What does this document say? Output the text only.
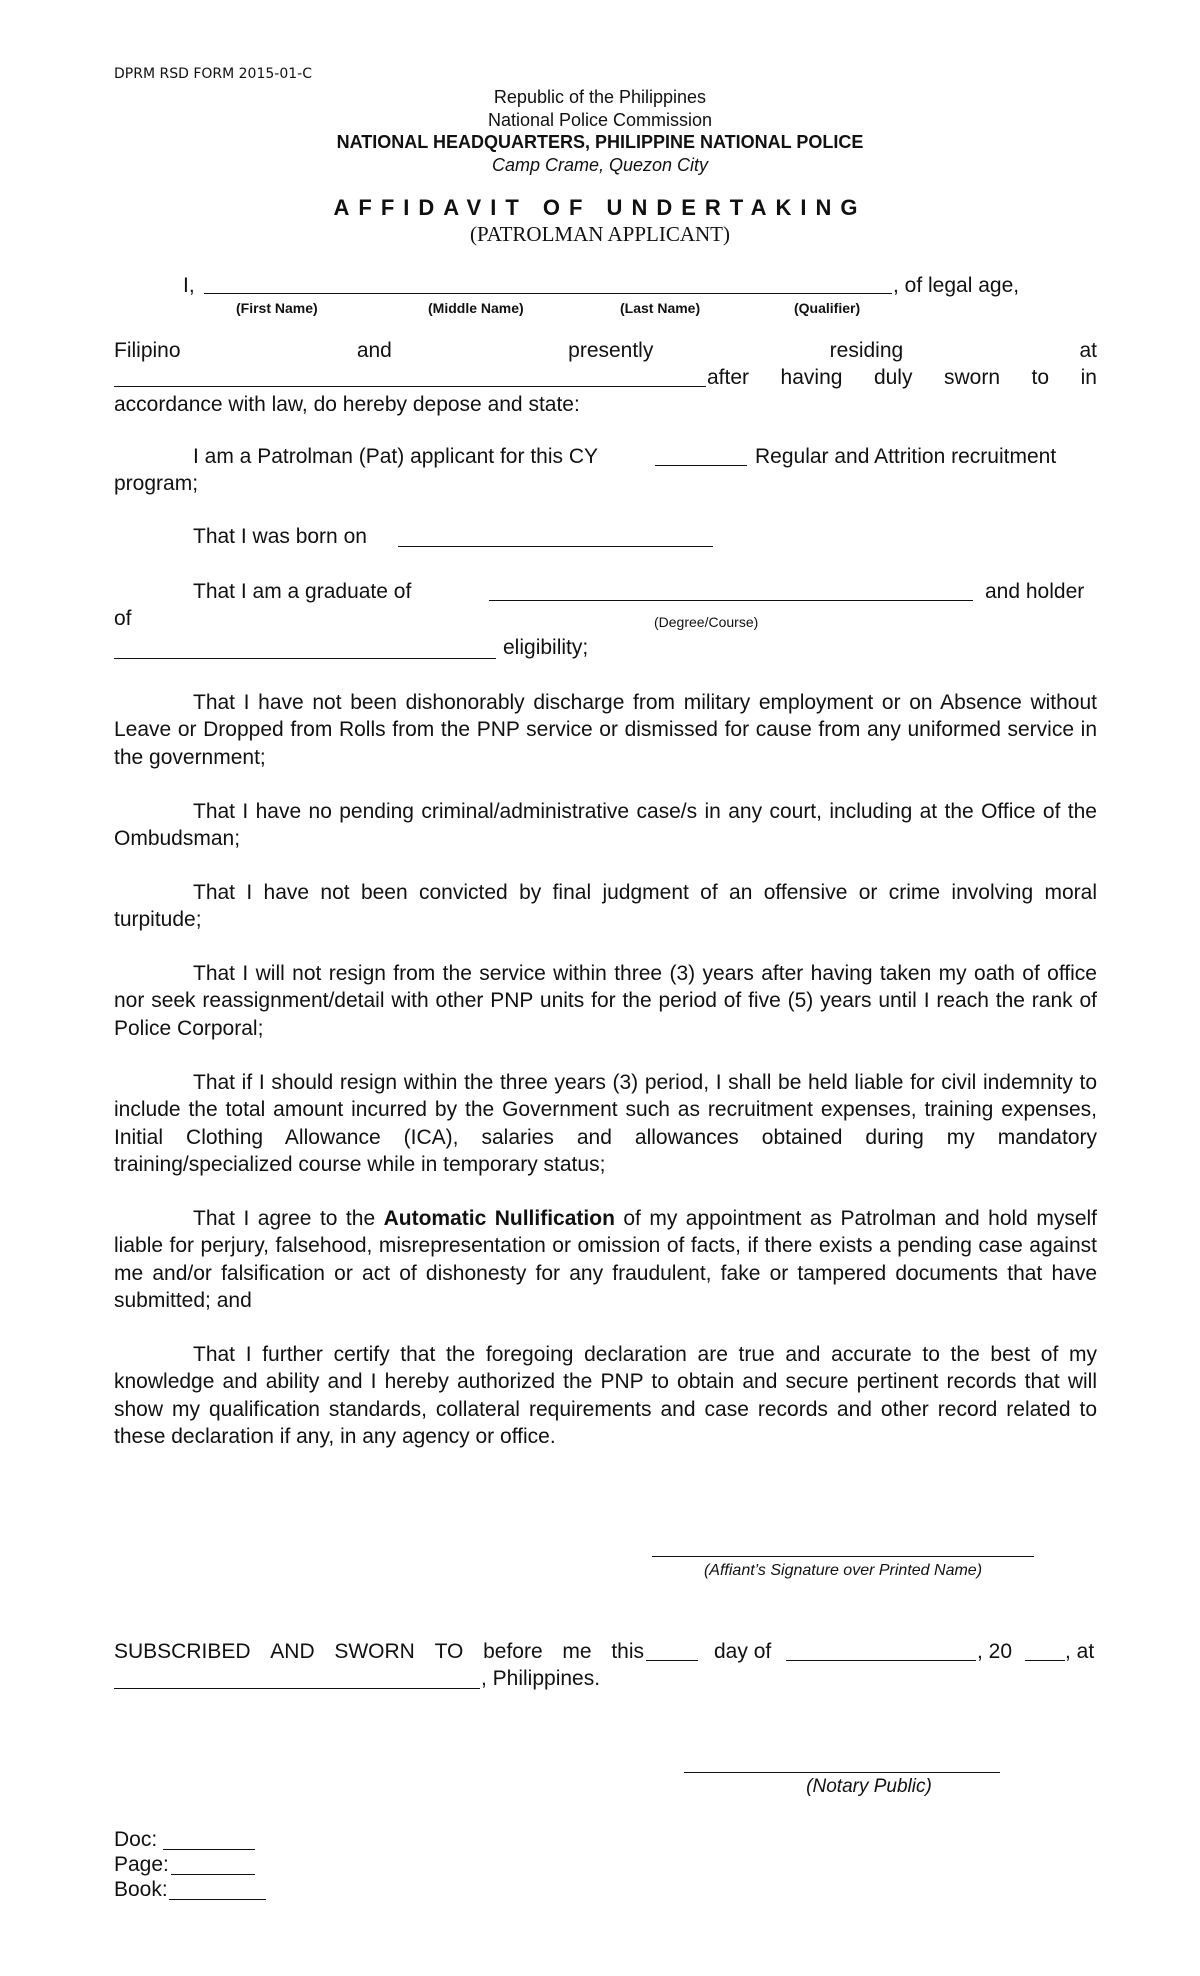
DPRM RSD FORM 2015-01-C
Republic of the Philippines
National Police Commission
NATIONAL HEADQUARTERS, PHILIPPINE NATIONAL POLICE
Camp Crame, Quezon City
AFFIDAVIT OF UNDERTAKING
(PATROLMAN APPLICANT)
I,	, of legal age,
(First Name)	(Middle Name)	(Last Name)	(Qualifier)
Filipino	and	presently	residing	at
after having duly sworn to in
accordance with law, do hereby depose and state:
I am a Patrolman (Pat) applicant for this CY	Regular and Attrition recruitment
program;
That I was born on
That I am a graduate of	and holder
of	(Degree/Course)
eligibility;
That I have not been dishonorably discharge from military employment or on Absence without Leave or Dropped from Rolls from the PNP service or dismissed for cause from any uniformed service in the government;
That I have no pending criminal/administrative case/s in any court, including at the Office of the Ombudsman;
That I have not been convicted by final judgment of an offensive or crime involving moral turpitude;
That I will not resign from the service within three (3) years after having taken my oath of office nor seek reassignment/detail with other PNP units for the period of five (5) years until I reach the rank of Police Corporal;
That if I should resign within the three years (3) period, I shall be held liable for civil indemnity to include the total amount incurred by the Government such as recruitment expenses, training expenses, Initial Clothing Allowance (ICA), salaries and allowances obtained during my mandatory training/specialized course while in temporary status;
That I agree to the Automatic Nullification of my appointment as Patrolman and hold myself liable for perjury, falsehood, misrepresentation or omission of facts, if there exists a pending case against me and/or falsification or act of dishonesty for any fraudulent, fake or tampered documents that have submitted; and
That I further certify that the foregoing declaration are true and accurate to the best of my knowledge and ability and I hereby authorized the PNP to obtain and secure pertinent records that will show my qualification standards, collateral requirements and case records and other record related to these declaration if any, in any agency or office.
(Affiant’s Signature over Printed Name)
SUBSCRIBED AND SWORN TO before me this	day of	, 20	, at
, Philippines.
(Notary Public)
Doc:
Page:
Book:
